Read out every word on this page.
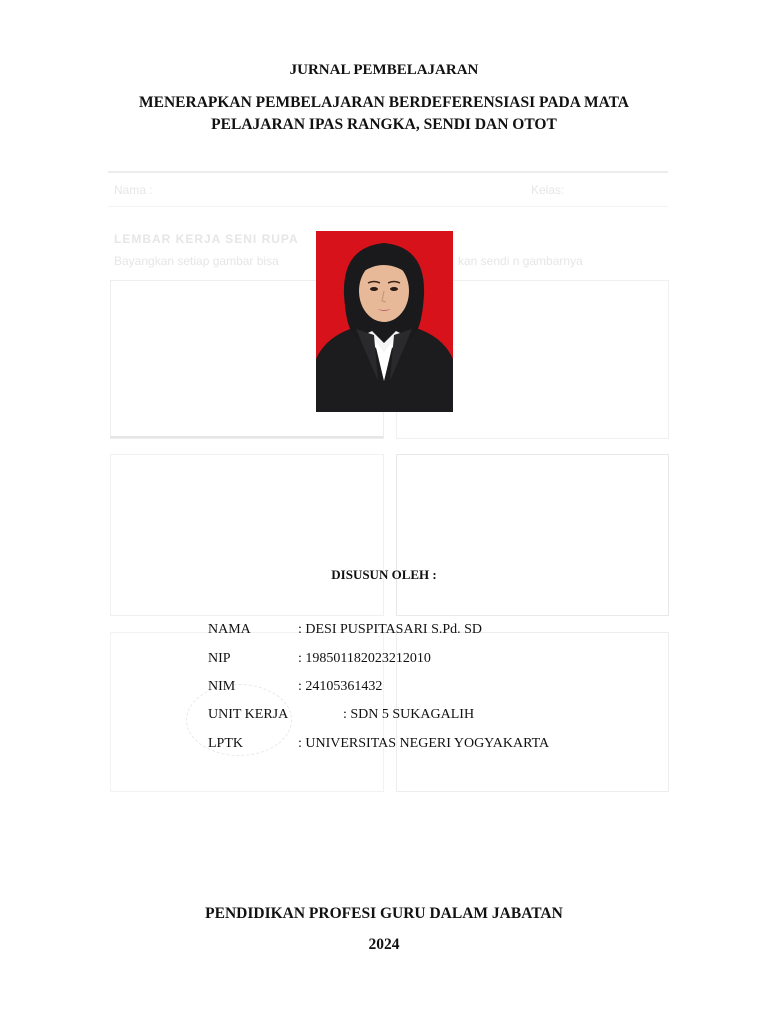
JURNAL PEMBELAJARAN

MENERAPKAN PEMBELAJARAN BERDEFERENSIASI PADA MATA

PELAJARAN IPAS RANGKA, SENDI DAN OTOT

Nama :	Kelas:
LEMBAR KERJA SENI RUPA
Bayangkan setiap gambar bisa	kan sendi n gambarnya
DISUSUN OLEH :
NAMA	: DESI PUSPITASARI S.Pd. SD
NIP	: 198501182023212010
NIM	: 24105361432
UNIT KERJA	: SDN 5 SUKAGALIH
LPTK	: UNIVERSITAS NEGERI YOGYAKARTA
PENDIDIKAN PROFESI GURU DALAM JABATAN
2024
